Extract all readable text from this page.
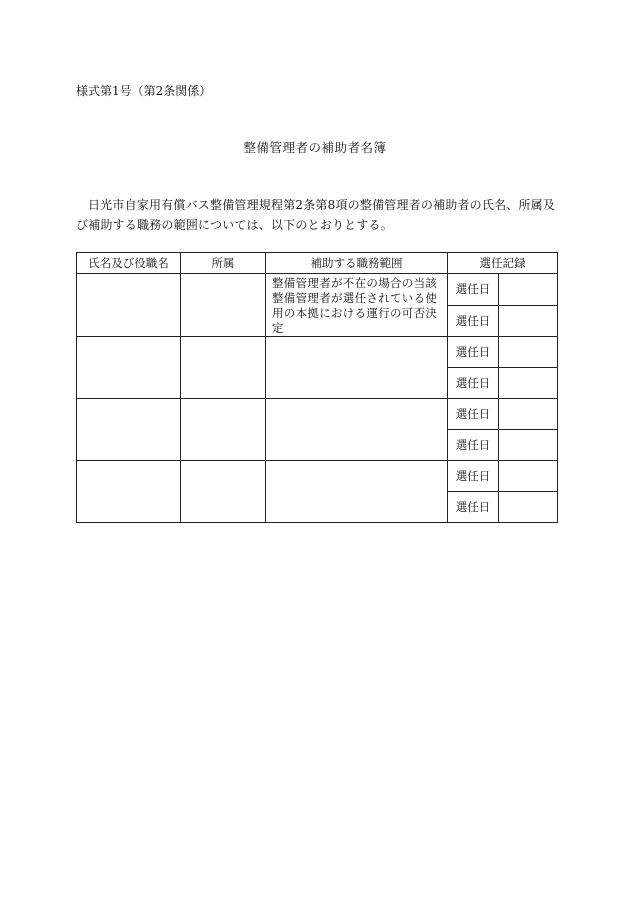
様式第1号（第2条関係）
整備管理者の補助者名簿
日光市自家用有償バス整備管理規程第2条第8項の整備管理者の補助者の氏名、所属及び補助する職務の範囲については、以下のとおりとする。
氏名及び役職名	所属	補助する職務範囲	選任記録	
		整備管理者が不在の場合の当該整備管理者が選任されている使用の本拠における運行の可否決定	選任日	
			選任日	
			選任日	
			選任日	
			選任日	
			選任日	
			選任日	
			選任日	
